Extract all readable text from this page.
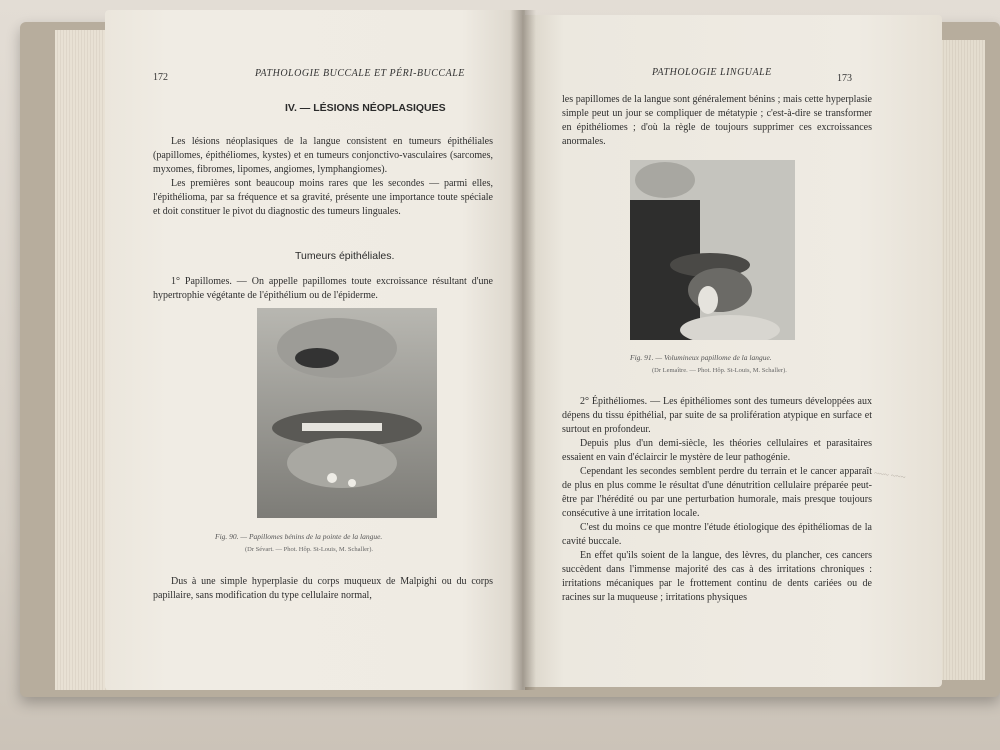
172	PATHOLOGIE BUCCALE ET PÉRI-BUCCALE
IV. — LÉSIONS NÉOPLASIQUES

Les lésions néoplasiques de la langue consistent en tumeurs épithéliales (papillomes, épithéliomes, kystes) et en tumeurs conjonctivo-vasculaires (sarcomes, myxomes, fibromes, lipomes, angiomes, lymphangiomes).

Les premières sont beaucoup moins rares que les secondes — parmi elles, l'épithélioma, par sa fréquence et sa gravité, présente une importance toute spéciale et doit constituer le pivot du diagnostic des tumeurs linguales.

Tumeurs épithéliales.

1° Papillomes. — On appelle papillomes toute excroissance résultant d'une hypertrophie végétante de l'épithélium ou de l'épiderme.

Fig. 90. — Papillomes bénins de la pointe de la langue.
(Dr Sévart. — Phot. Hôp. St-Louis, M. Schaller).

Dus à une simple hyperplasie du corps muqueux de Malpighi ou du corps papillaire, sans modification du type cellulaire normal,

PATHOLOGIE LINGUALE
173

les papillomes de la langue sont généralement bénins ; mais cette hyperplasie simple peut un jour se compliquer de métatypie ; c'est-à-dire se transformer en épithéliomes ; d'où la règle de toujours supprimer ces excroissances anormales.

Fig. 91. — Volumineux papillome de la langue.
(Dr Lemaître. — Phot. Hôp. St-Louis, M. Schaller).

2° Épithéliomes. — Les épithéliomes sont des tumeurs développées aux dépens du tissu épithélial, par suite de sa prolifération atypique en surface et surtout en profondeur.

Depuis plus d'un demi-siècle, les théories cellulaires et parasitaires essaient en vain d'éclaircir le mystère de leur pathogénie.

Cependant les secondes semblent perdre du terrain et le cancer apparaît de plus en plus comme le résultat d'une dénutrition cellulaire préparée peut-être par l'hérédité ou par une perturbation humorale, mais presque toujours consécutive à une irritation locale.

C'est du moins ce que montre l'étude étiologique des épithéliomas de la cavité buccale.

En effet qu'ils soient de la langue, des lèvres, du plancher, ces cancers succèdent dans l'immense majorité des cas à des irritations chroniques : irritations mécaniques par le frottement continu de dents cariées ou de racines sur la muqueuse ; irritations physiques

~~~ ~~~
